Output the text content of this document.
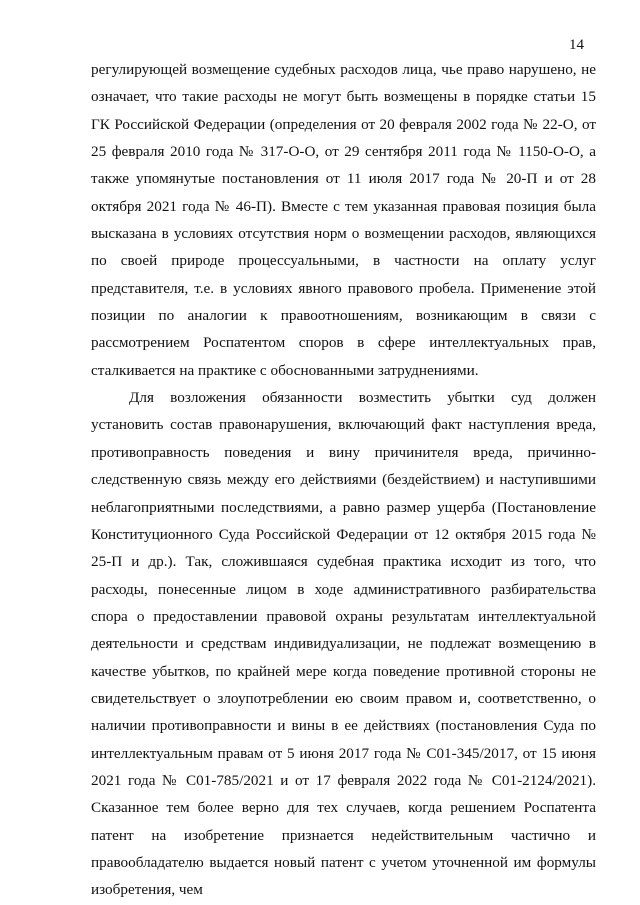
14

регулирующей возмещение судебных расходов лица, чье право нарушено, не означает, что такие расходы не могут быть возмещены в порядке статьи 15 ГК Российской Федерации (определения от 20 февраля 2002 года № 22-О, от 25 февраля 2010 года № 317-О-О, от 29 сентября 2011 года № 1150-О-О, а также упомянутые постановления от 11 июля 2017 года № 20-П и от 28 октября 2021 года № 46-П). Вместе с тем указанная правовая позиция была высказана в условиях отсутствия норм о возмещении расходов, являющихся по своей природе процессуальными, в частности на оплату услуг представителя, т.е. в условиях явного правового пробела. Применение этой позиции по аналогии к правоотношениям, возникающим в связи с рассмотрением Роспатентом споров в сфере интеллектуальных прав, сталкивается на практике с обоснованными затруднениями.

Для возложения обязанности возместить убытки суд должен установить состав правонарушения, включающий факт наступления вреда, противоправность поведения и вину причинителя вреда, причинно-следственную связь между его действиями (бездействием) и наступившими неблагоприятными последствиями, а равно размер ущерба (Постановление Конституционного Суда Российской Федерации от 12 октября 2015 года № 25-П и др.). Так, сложившаяся судебная практика исходит из того, что расходы, понесенные лицом в ходе административного разбирательства спора о предоставлении правовой охраны результатам интеллектуальной деятельности и средствам индивидуализации, не подлежат возмещению в качестве убытков, по крайней мере когда поведение противной стороны не свидетельствует о злоупотреблении ею своим правом и, соответственно, о наличии противоправности и вины в ее действиях (постановления Суда по интеллектуальным правам от 5 июня 2017 года № С01-345/2017, от 15 июня 2021 года № С01-785/2021 и от 17 февраля 2022 года № С01-2124/2021). Сказанное тем более верно для тех случаев, когда решением Роспатента патент на изобретение признается недействительным частично и правообладателю выдается новый патент с учетом уточненной им формулы изобретения, чем
